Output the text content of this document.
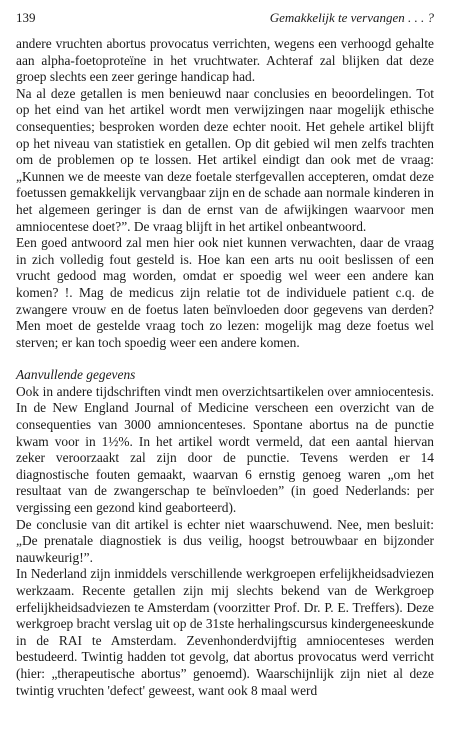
139	Gemakkelijk te vervangen . . . ?

andere vruchten abortus provocatus verrichten, wegens een verhoogd gehalte aan alpha-foetoproteïne in het vruchtwater. Achteraf zal blijken dat deze groep slechts een zeer geringe handicap had.

Na al deze getallen is men benieuwd naar conclusies en beoordelingen. Tot op het eind van het artikel wordt men verwijzingen naar mogelijk ethische consequenties; besproken worden deze echter nooit. Het gehele artikel blijft op het niveau van statistiek en getallen. Op dit gebied wil men zelfs trachten om de problemen op te lossen. Het artikel eindigt dan ook met de vraag: „Kunnen we de meeste van deze foetale sterfgevallen accepteren, omdat deze foetussen gemakkelijk vervangbaar zijn en de schade aan normale kinderen in het algemeen geringer is dan de ernst van de afwijkingen waarvoor men amniocentese doet?”. De vraag blijft in het artikel onbeantwoord.

Een goed antwoord zal men hier ook niet kunnen verwachten, daar de vraag in zich volledig fout gesteld is. Hoe kan een arts nu ooit beslissen of een vrucht gedood mag worden, omdat er spoedig wel weer een andere kan komen? !. Mag de medicus zijn relatie tot de individuele patient c.q. de zwangere vrouw en de foetus laten beïnvloeden door gegevens van derden? Men moet de gestelde vraag toch zo lezen: mogelijk mag deze foetus wel sterven; er kan toch spoedig weer een andere komen.

Aanvullende gegevens

Ook in andere tijdschriften vindt men overzichtsartikelen over amniocentesis. In de New England Journal of Medicine verscheen een overzicht van de consequenties van 3000 amnioncenteses. Spontane abortus na de punctie kwam voor in 1½%. In het artikel wordt vermeld, dat een aantal hiervan zeker veroorzaakt zal zijn door de punctie. Tevens werden er 14 diagnostische fouten gemaakt, waarvan 6 ernstig genoeg waren „om het resultaat van de zwangerschap te beïnvloeden” (in goed Nederlands: per vergissing een gezond kind geaborteerd).

De conclusie van dit artikel is echter niet waarschuwend. Nee, men besluit: „De prenatale diagnostiek is dus veilig, hoogst betrouwbaar en bijzonder nauwkeurig!”.

In Nederland zijn inmiddels verschillende werkgroepen erfelijkheidsadviezen werkzaam. Recente getallen zijn mij slechts bekend van de Werkgroep erfelijkheidsadviezen te Amsterdam (voorzitter Prof. Dr. P. E. Treffers). Deze werkgroep bracht verslag uit op de 31ste herhalingscursus kindergeneeskunde in de RAI te Amsterdam. Zevenhonderdvijftig amniocenteses werden bestudeerd. Twintig hadden tot gevolg, dat abortus provocatus werd verricht (hier: „therapeutische abortus” genoemd). Waarschijnlijk zijn niet al deze twintig vruchten 'defect' geweest, want ook 8 maal werd
